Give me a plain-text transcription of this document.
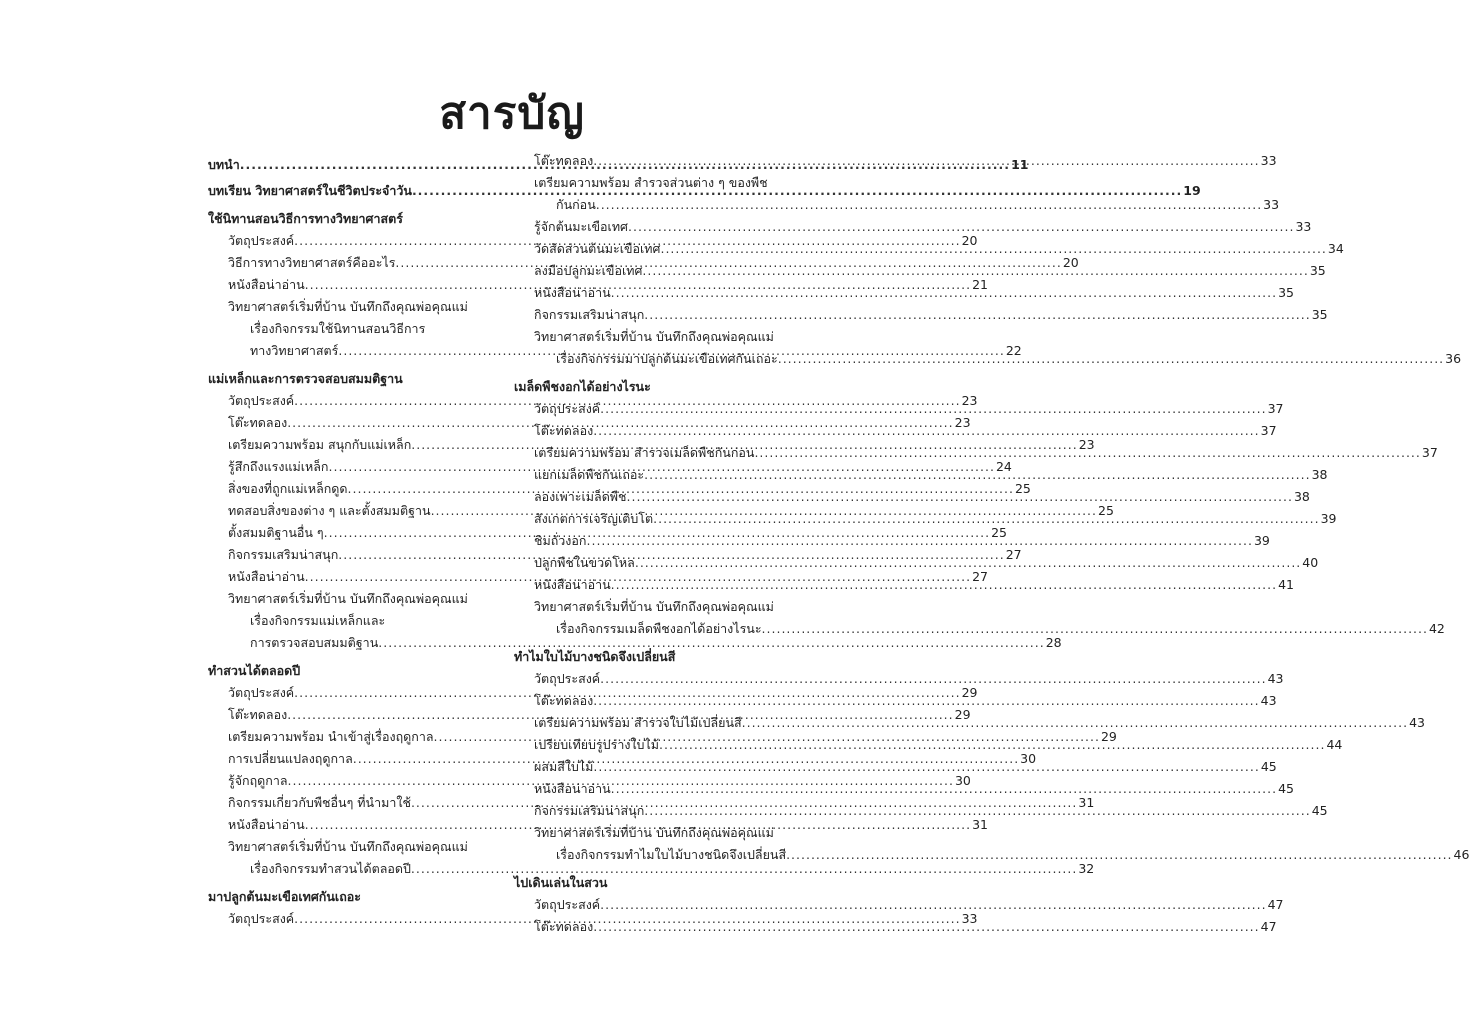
สารบัญ
บทนำ .....	11
บทเรียน วิทยาศาสตร์ในชีวิตประจำวัน .....	19
ใช้นิทานสอนวิธีการทางวิทยาศาสตร์
วัตถุประสงค์ .....	20
วิธีการทางวิทยาศาสตร์คืออะไร .....	20
หนังสือน่าอ่าน .....	21
วิทยาศาสตร์เริ่มที่บ้าน บันทึกถึงคุณพ่อคุณแม่
เรื่องกิจกรรมใช้นิทานสอนวิธีการ
ทางวิทยาศาสตร์ .....	22
แม่เหล็กและการตรวจสอบสมมติฐาน
วัตถุประสงค์ .....	23
โต๊ะทดลอง .....	23
เตรียมความพร้อม สนุกกับแม่เหล็ก .....	23
รู้สึกถึงแรงแม่เหล็ก .....	24
สิ่งของที่ถูกแม่เหล็กดูด .....	25
ทดสอบสิ่งของต่าง ๆ และตั้งสมมติฐาน .....	25
ตั้งสมมติฐานอื่น ๆ .....	25
กิจกรรมเสริมน่าสนุก .....	27
หนังสือน่าอ่าน .....	27
วิทยาศาสตร์เริ่มที่บ้าน บันทึกถึงคุณพ่อคุณแม่
เรื่องกิจกรรมแม่เหล็กและ
การตรวจสอบสมมติฐาน .....	28
ทำสวนได้ตลอดปี
วัตถุประสงค์ .....	29
โต๊ะทดลอง .....	29
เตรียมความพร้อม นำเข้าสู่เรื่องฤดูกาล .....	29
การเปลี่ยนแปลงฤดูกาล .....	30
รู้จักฤดูกาล .....	30
กิจกรรมเกี่ยวกับพืชอื่นๆ ที่นำมาใช้ .....	31
หนังสือน่าอ่าน .....	31
วิทยาศาสตร์เริ่มที่บ้าน บันทึกถึงคุณพ่อคุณแม่
เรื่องกิจกรรมทำสวนได้ตลอดปี .....	32
มาปลูกต้นมะเขือเทศกันเถอะ
วัตถุประสงค์ .....	33
โต๊ะทดลอง .....	33
เตรียมความพร้อม สำรวจส่วนต่าง ๆ ของพืช
กันก่อน .....	33
รู้จักต้นมะเขือเทศ .....	33
วัดสัดส่วนต้นมะเขือเทศ .....	34
ลงมือปลูกมะเขือเทศ .....	35
หนังสือน่าอ่าน .....	35
กิจกรรมเสริมน่าสนุก .....	35
วิทยาศาสตร์เริ่มที่บ้าน บันทึกถึงคุณพ่อคุณแม่
เรื่องกิจกรรมมาปลูกต้นมะเขือเทศกันเถอะ .....	36
เมล็ดพืชงอกได้อย่างไรนะ
วัตถุประสงค์ .....	37
โต๊ะทดลอง .....	37
เตรียมความพร้อม สำรวจเมล็ดพืชกันก่อน .....	37
แยกเมล็ดพืชกันเถอะ .....	38
ลองเพาะเมล็ดพืช .....	38
สังเกตการเจริญเติบโต .....	39
ชิมถั่วงอก .....	39
ปลูกพืชในขวดโหล .....	40
หนังสือน่าอ่าน .....	41
วิทยาศาสตร์เริ่มที่บ้าน บันทึกถึงคุณพ่อคุณแม่
เรื่องกิจกรรมเมล็ดพืชงอกได้อย่างไรนะ .....	42
ทำไมใบไม้บางชนิดจึงเปลี่ยนสี
วัตถุประสงค์ .....	43
โต๊ะทดลอง .....	43
เตรียมความพร้อม สำรวจใบไม้เปลี่ยนสี .....	43
เปรียบเทียบรูปร่างใบไม้ .....	44
ผสมสีใบไม้ .....	45
หนังสือน่าอ่าน .....	45
กิจกรรมเสริมน่าสนุก .....	45
วิทยาศาสตร์เริ่มที่บ้าน บันทึกถึงคุณพ่อคุณแม่
เรื่องกิจกรรมทำไมใบไม้บางชนิดจึงเปลี่ยนสี .....	46
ไปเดินเล่นในสวน
วัตถุประสงค์ .....	47
โต๊ะทดลอง .....	47
